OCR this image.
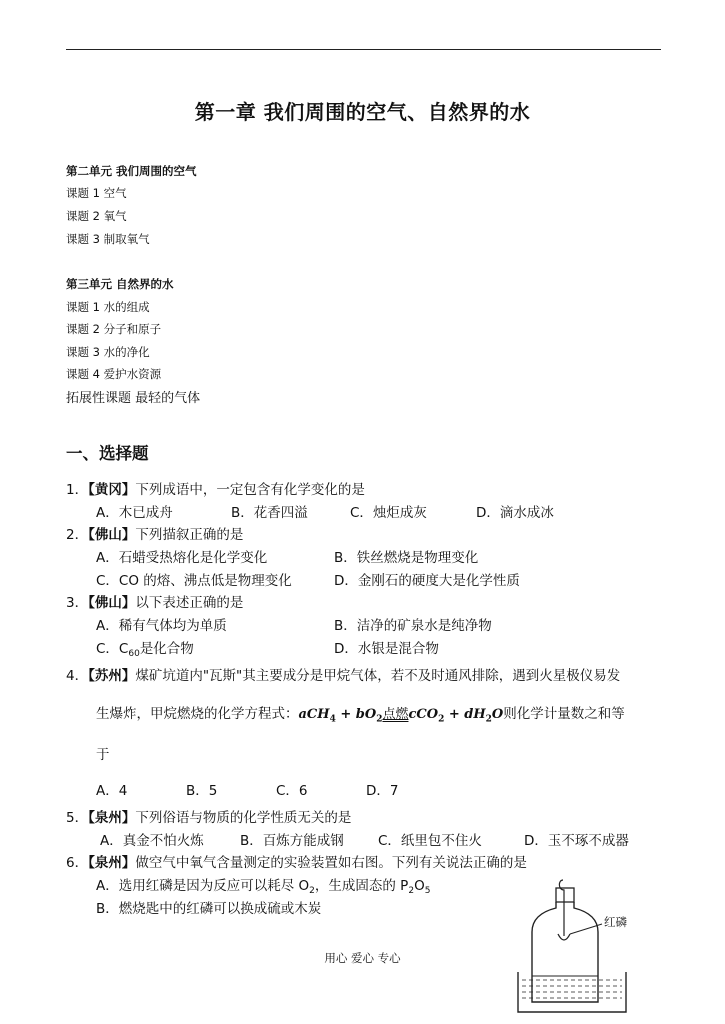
第一章 我们周围的空气、自然界的水
第二单元 我们周围的空气
课题 1 空气
课题 2 氧气
课题 3 制取氧气
第三单元 自然界的水
课题 1 水的组成
课题 2 分子和原子
课题 3 水的净化
课题 4 爱护水资源
拓展性课题 最轻的气体
一、选择题
1．【黄冈】下列成语中，一定包含有化学变化的是
A．木已成舟	B．花香四溢	C．烛炬成灰	D．滴水成冰
2．【佛山】下列描叙正确的是
A．石蜡受热熔化是化学变化	B．铁丝燃烧是物理变化
C．CO 的熔、沸点低是物理变化	D．金刚石的硬度大是化学性质
3．【佛山】以下表述正确的是
A．稀有气体均为单质	B．洁净的矿泉水是纯净物
C．$C_{60}$是化合物	D．水银是混合物
4．【苏州】煤矿坑道内"瓦斯"其主要成分是甲烷气体，若不及时通风排除，遇到火星极仪易发
生爆炸，甲烷燃烧的化学方程式：$aCH_4 + bO_2$点燃$cCO_2 + dH_2O$则化学计量数之和等
于
A．4	B．5	C．6	D．7
5．【泉州】下列俗语与物质的化学性质无关的是
A．真金不怕火炼	B．百炼方能成钢	C．纸里包不住火	D．玉不琢不成器
6．【泉州】做空气中氧气含量测定的实验装置如右图。下列有关说法正确的是
A．选用红磷是因为反应可以耗尽 $O_2$，生成固态的 $P_2O_5$
B．燃烧匙中的红磷可以换成硫或木炭
红磷
用心 爱心 专心
